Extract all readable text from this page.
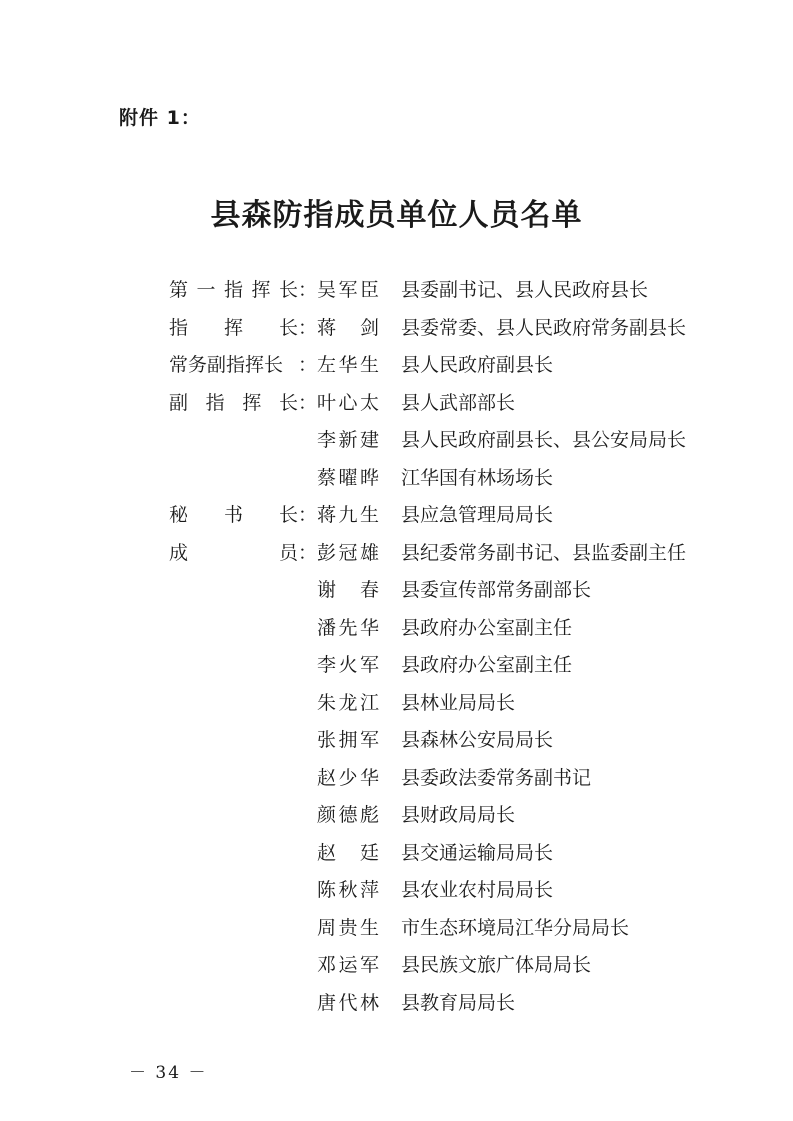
附件 1：
县森防指成员单位人员名单
第 一 指 挥 长 ： 吴 军 臣 县委副书记、县人民政府县长
指 挥 长 ： 蒋 剑 县委常委、县人民政府常务副县长
常务副指挥长 ： 左 华 生 县人民政府副县长
副 指 挥 长 ： 叶 心 太 县人武部部长
李 新 建 县人民政府副县长、县公安局局长
蔡 曜 晔 江华国有林场场长
秘 书 长 ： 蒋 九 生 县应急管理局局长
成	员 ： 彭 冠 雄 县纪委常务副书记、县监委副主任
谢 春 县委宣传部常务副部长
潘 先 华 县政府办公室副主任
李 火 军 县政府办公室副主任
朱 龙 江 县林业局局长
张 拥 军 县森林公安局局长
赵 少 华 县委政法委常务副书记
颜 德 彪 县财政局局长
赵 廷 县交通运输局局长
陈 秋 萍 县农业农村局局长
周 贵 生 市生态环境局江华分局局长
邓 运 军 县民族文旅广体局局长
唐 代 林 县教育局局长
－ 34 －
